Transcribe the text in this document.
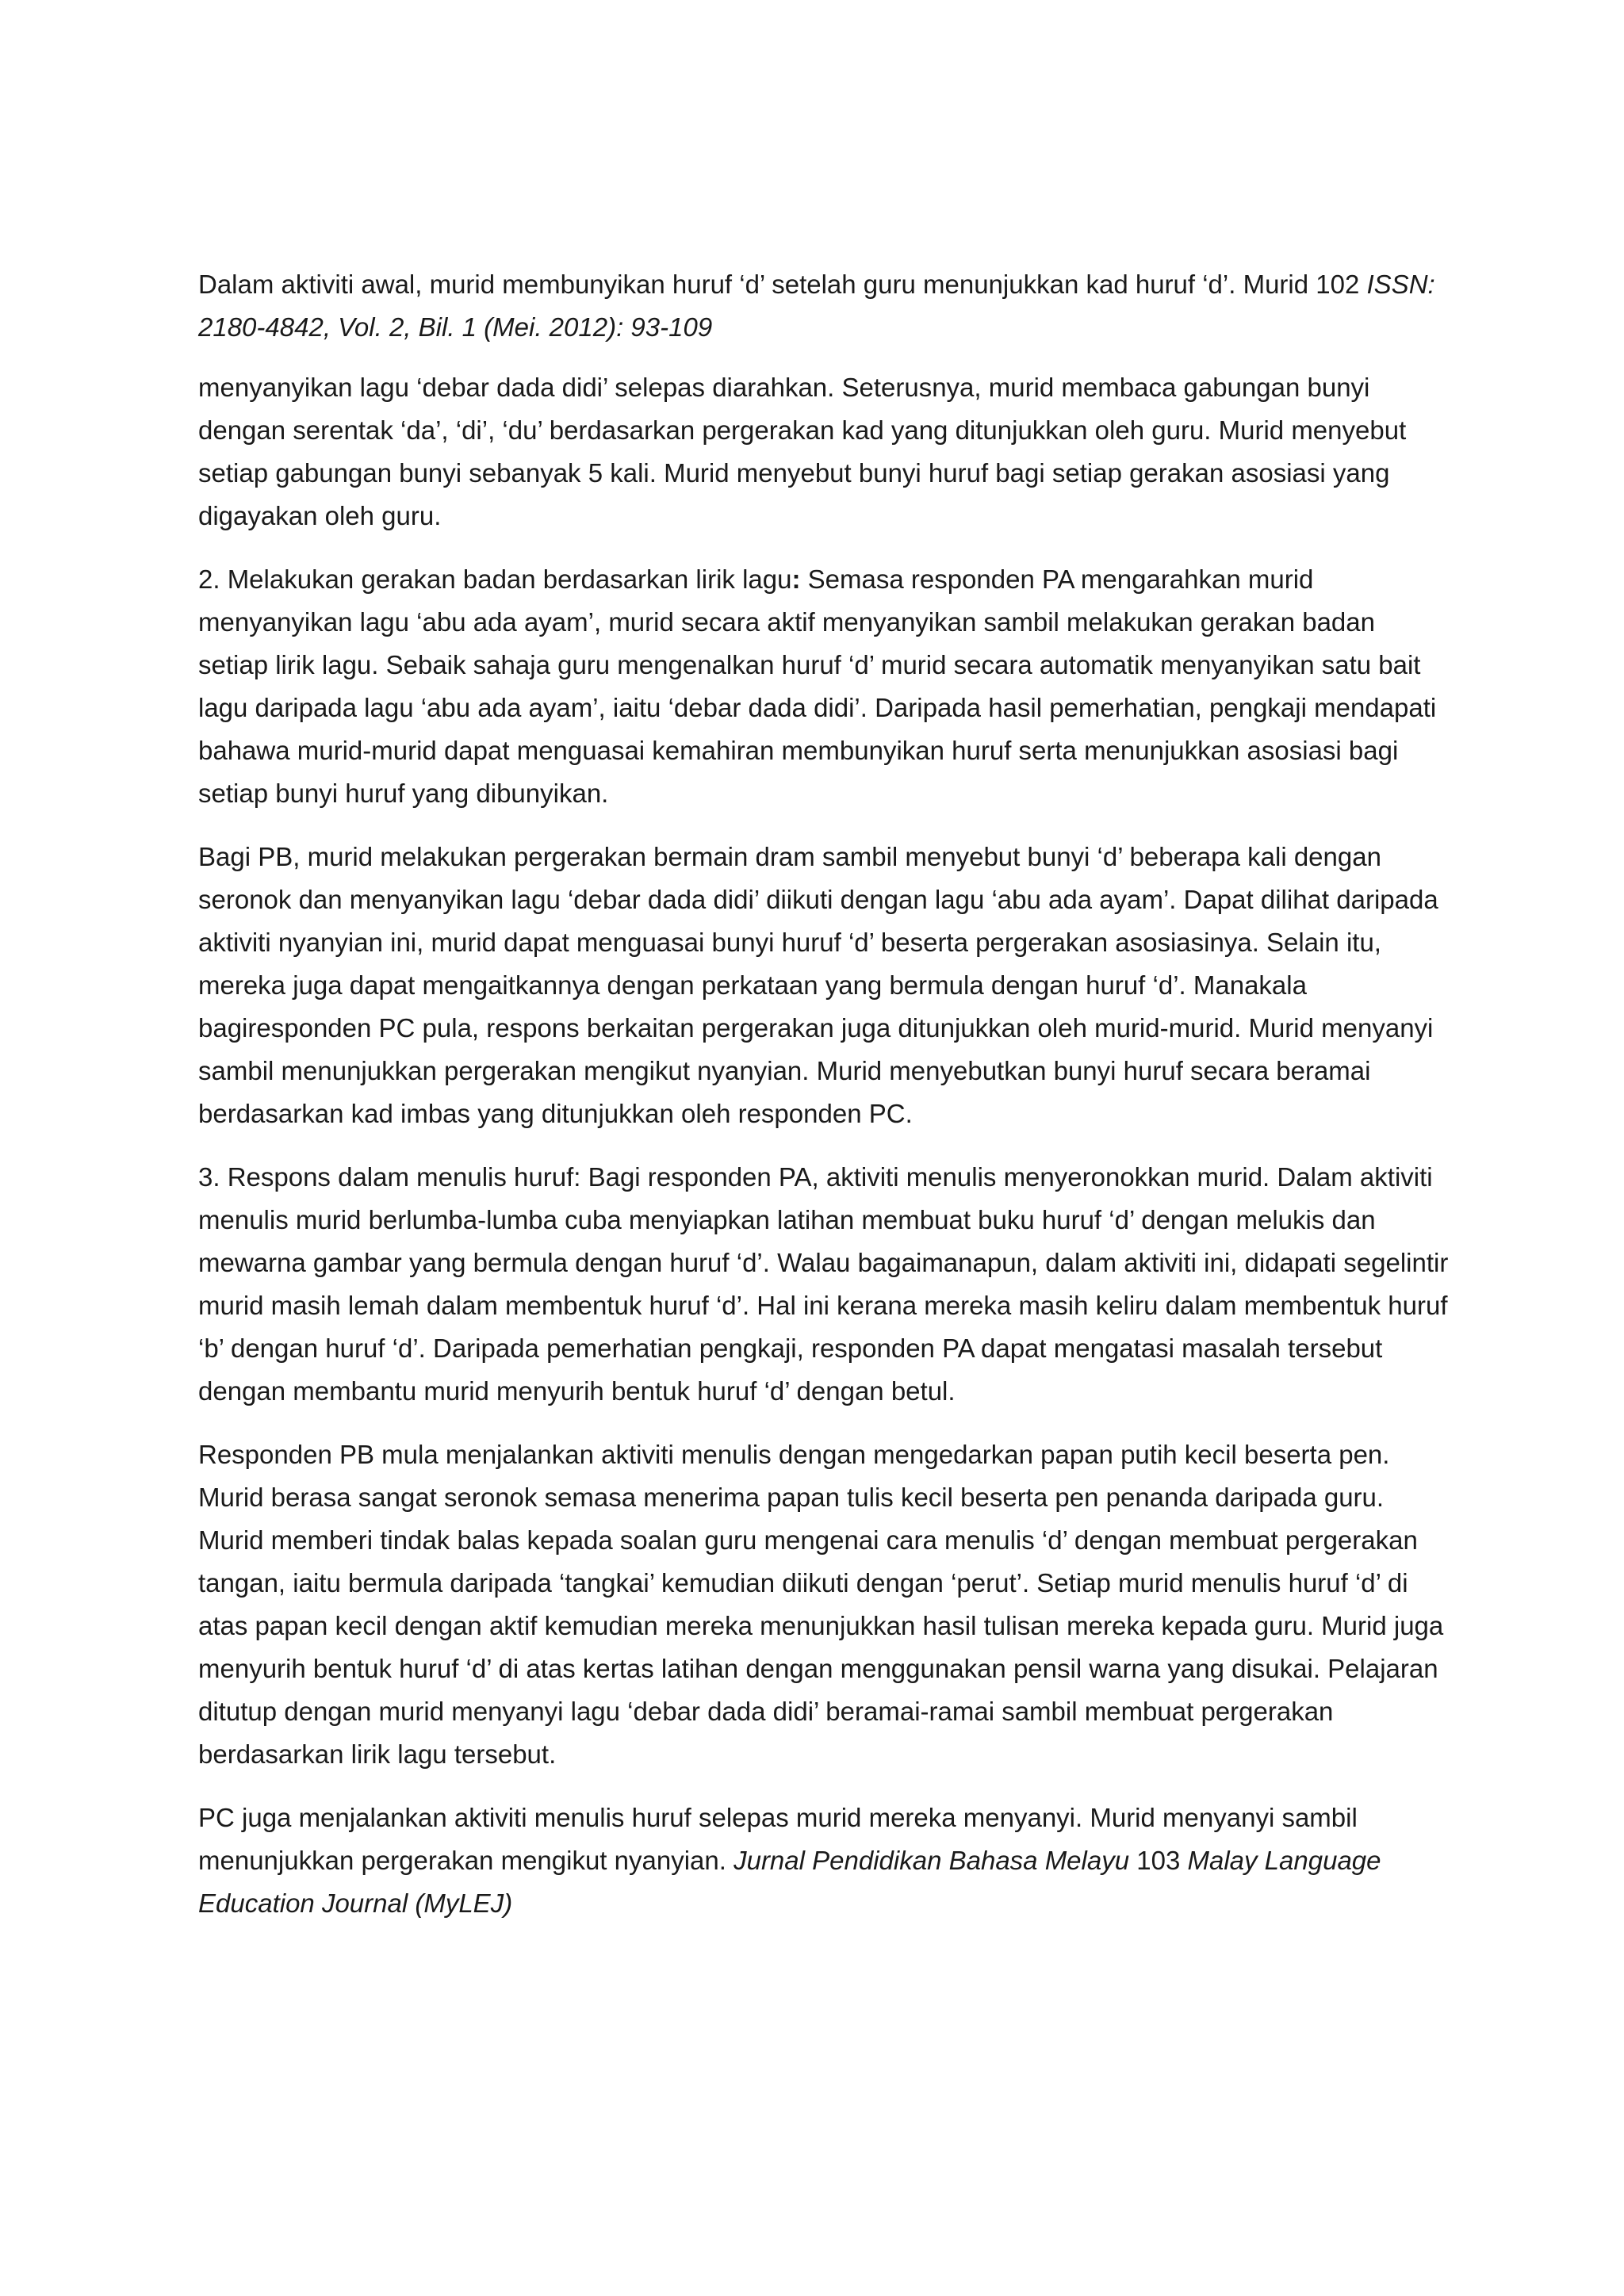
Dalam aktiviti awal, murid membunyikan huruf ‘d’ setelah guru menunjukkan kad huruf ‘d’. Murid 102 ISSN: 2180-4842, Vol. 2, Bil. 1 (Mei. 2012): 93-109

menyanyikan lagu ‘debar dada didi’ selepas diarahkan. Seterusnya, murid membaca gabungan bunyi dengan serentak ‘da’, ‘di’, ‘du’ berdasarkan pergerakan kad yang ditunjukkan oleh guru. Murid menyebut setiap gabungan bunyi sebanyak 5 kali. Murid menyebut bunyi huruf bagi setiap gerakan asosiasi yang digayakan oleh guru.

2. Melakukan gerakan badan berdasarkan lirik lagu: Semasa responden PA mengarahkan murid menyanyikan lagu ‘abu ada ayam’, murid secara aktif menyanyikan sambil melakukan gerakan badan setiap lirik lagu. Sebaik sahaja guru mengenalkan huruf ‘d’ murid secara automatik menyanyikan satu bait lagu daripada lagu ‘abu ada ayam’, iaitu ‘debar dada didi’. Daripada hasil pemerhatian, pengkaji mendapati bahawa murid-murid dapat menguasai kemahiran membunyikan huruf serta menunjukkan asosiasi bagi setiap bunyi huruf yang dibunyikan.

Bagi PB, murid melakukan pergerakan bermain dram sambil menyebut bunyi ‘d’ beberapa kali dengan seronok dan menyanyikan lagu ‘debar dada didi’ diikuti dengan lagu ‘abu ada ayam’. Dapat dilihat daripada aktiviti nyanyian ini, murid dapat menguasai bunyi huruf ‘d’ beserta pergerakan asosiasinya. Selain itu, mereka juga dapat mengaitkannya dengan perkataan yang bermula dengan huruf ‘d’. Manakala bagiresponden PC pula, respons berkaitan pergerakan juga ditunjukkan oleh murid-murid. Murid menyanyi sambil menunjukkan pergerakan mengikut nyanyian. Murid menyebutkan bunyi huruf secara beramai berdasarkan kad imbas yang ditunjukkan oleh responden PC.

3. Respons dalam menulis huruf: Bagi responden PA, aktiviti menulis menyeronokkan murid. Dalam aktiviti menulis murid berlumba-lumba cuba menyiapkan latihan membuat buku huruf ‘d’ dengan melukis dan mewarna gambar yang bermula dengan huruf ‘d’. Walau bagaimanapun, dalam aktiviti ini, didapati segelintir murid masih lemah dalam membentuk huruf ‘d’. Hal ini kerana mereka masih keliru dalam membentuk huruf ‘b’ dengan huruf ‘d’. Daripada pemerhatian pengkaji, responden PA dapat mengatasi masalah tersebut dengan membantu murid menyurih bentuk huruf ‘d’ dengan betul.

Responden PB mula menjalankan aktiviti menulis dengan mengedarkan papan putih kecil beserta pen. Murid berasa sangat seronok semasa menerima papan tulis kecil beserta pen penanda daripada guru. Murid memberi tindak balas kepada soalan guru mengenai cara menulis ‘d’ dengan membuat pergerakan tangan, iaitu bermula daripada ‘tangkai’ kemudian diikuti dengan ‘perut’. Setiap murid menulis huruf ‘d’ di atas papan kecil dengan aktif kemudian mereka menunjukkan hasil tulisan mereka kepada guru. Murid juga menyurih bentuk huruf ‘d’ di atas kertas latihan dengan menggunakan pensil warna yang disukai. Pelajaran ditutup dengan murid menyanyi lagu ‘debar dada didi’ beramai-ramai sambil membuat pergerakan berdasarkan lirik lagu tersebut.

PC juga menjalankan aktiviti menulis huruf selepas murid mereka menyanyi. Murid menyanyi sambil menunjukkan pergerakan mengikut nyanyian. Jurnal Pendidikan Bahasa Melayu 103 Malay Language Education Journal (MyLEJ)
